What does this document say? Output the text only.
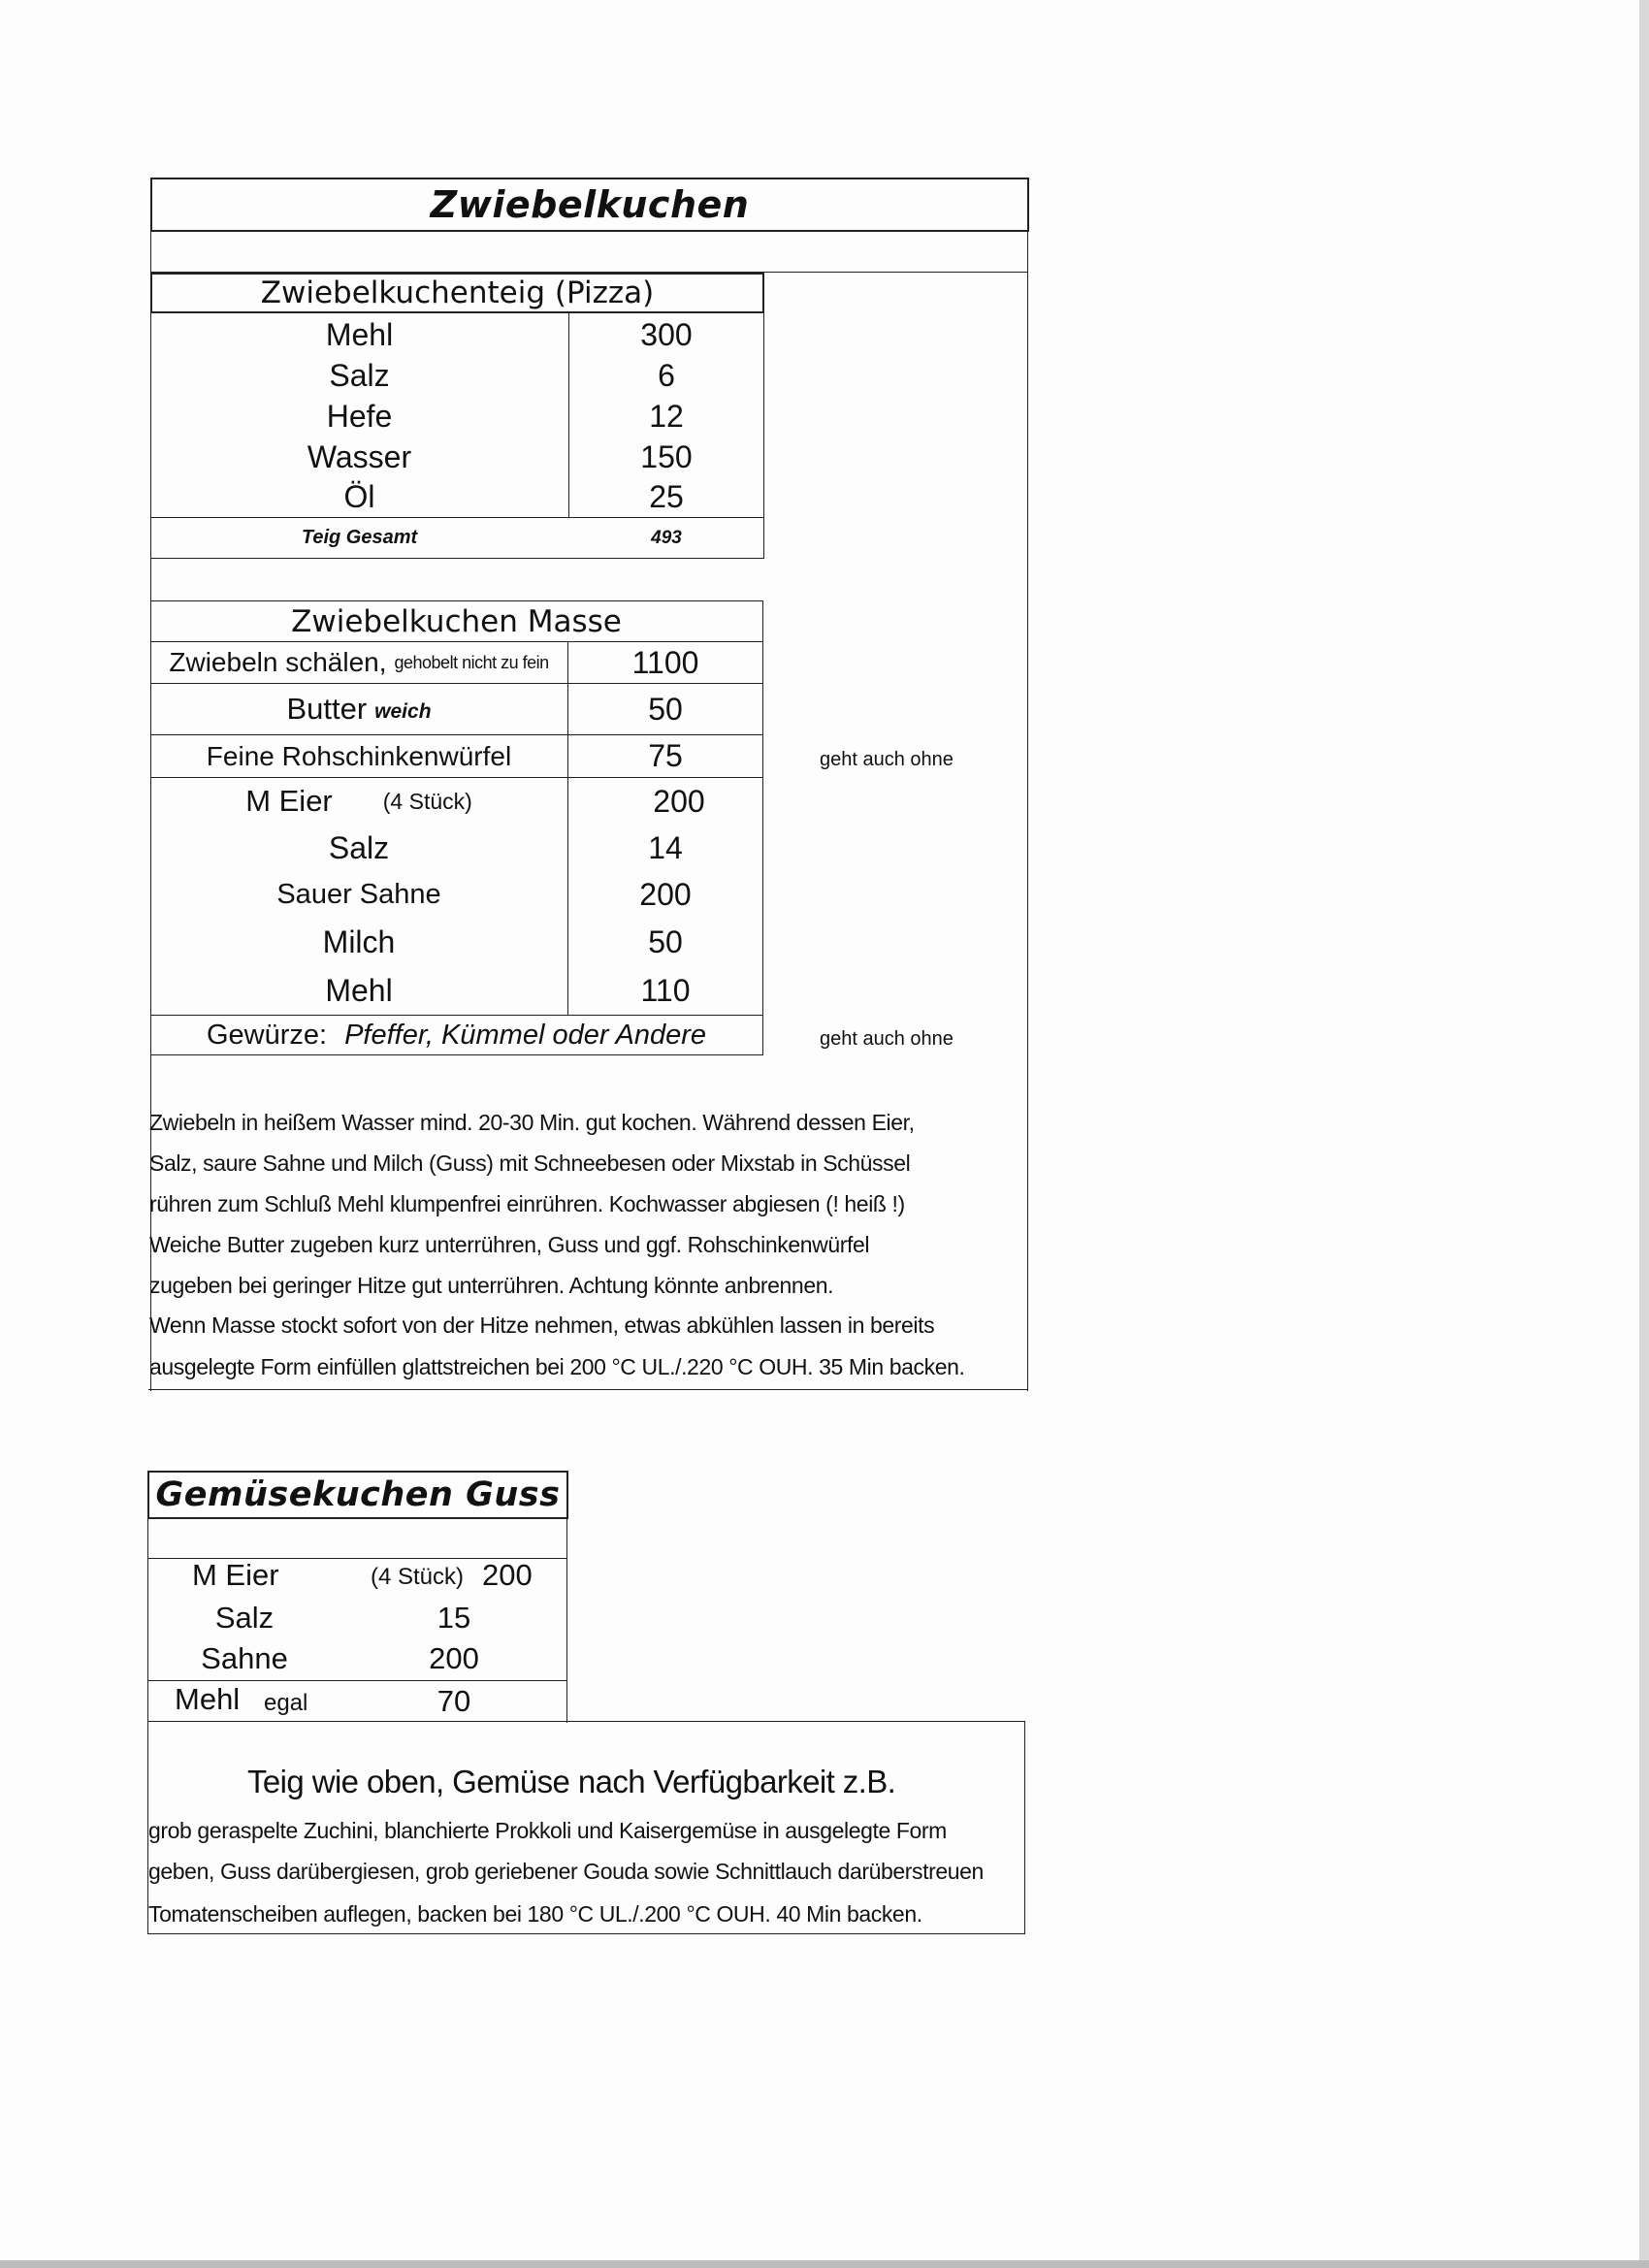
Zwiebelkuchen
Zwiebelkuchenteig (Pizza)
Mehl	300
Salz	6
Hefe	12
Wasser	150
Öl	25
Teig Gesamt	493
Zwiebelkuchen Masse
Zwiebeln schälen, gehobelt nicht zu fein	1100
Butter weich	50
Feine Rohschinkenwürfel	75	geht auch ohne
M Eier (4 Stück)	200
Salz	14
Sauer Sahne	200
Milch	50
Mehl	110
Gewürze: Pfeffer, Kümmel oder Andere	geht auch ohne
Zwiebeln in heißem Wasser mind. 20-30 Min. gut kochen. Während dessen Eier,
Salz, saure Sahne und Milch (Guss) mit Schneebesen oder Mixstab in Schüssel
rühren zum Schluß Mehl klumpenfrei einrühren. Kochwasser abgiesen (! heiß !)
Weiche Butter zugeben kurz unterrühren, Guss und ggf. Rohschinkenwürfel
zugeben bei geringer Hitze gut unterrühren. Achtung könnte anbrennen.
Wenn Masse stockt sofort von der Hitze nehmen, etwas abkühlen lassen in bereits
ausgelegte Form einfüllen glattstreichen bei 200 °C UL./.220 °C OUH. 35 Min backen.
Gemüsekuchen Guss
M Eier	(4 Stück) 200
Salz	15
Sahne	200
Mehl egal	70
Teig wie oben, Gemüse nach Verfügbarkeit z.B.
grob geraspelte Zuchini, blanchierte Prokkoli und Kaisergemüse in ausgelegte Form
geben, Guss darübergiesen, grob geriebener Gouda sowie Schnittlauch darüberstreuen
Tomatenscheiben auflegen, backen bei 180 °C UL./.200 °C OUH. 40 Min backen.
